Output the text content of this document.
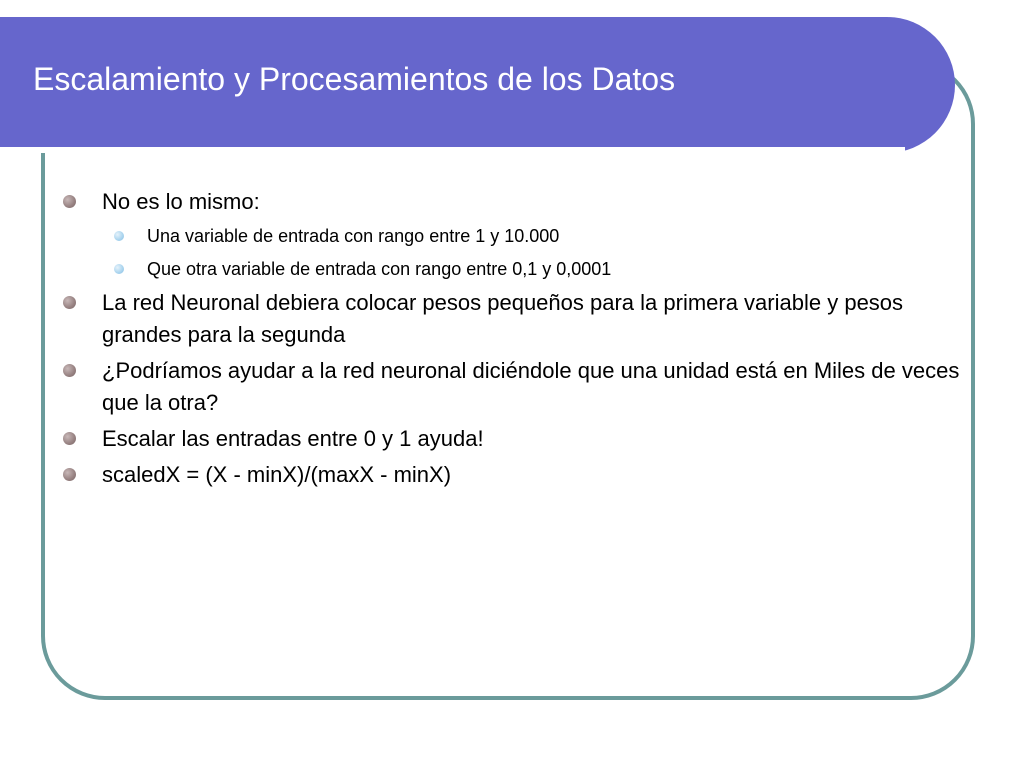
Escalamiento y Procesamientos de los Datos
No es lo mismo:
Una variable de entrada con rango entre 1 y 10.000
Que otra variable de entrada con rango entre 0,1 y 0,0001
La red Neuronal debiera colocar pesos pequeños para la primera variable y pesos grandes para la segunda
¿Podríamos ayudar a la red neuronal diciéndole que una unidad está en Miles de veces que la otra?
Escalar las entradas entre 0 y 1 ayuda!
scaledX = (X - minX)/(maxX - minX)
